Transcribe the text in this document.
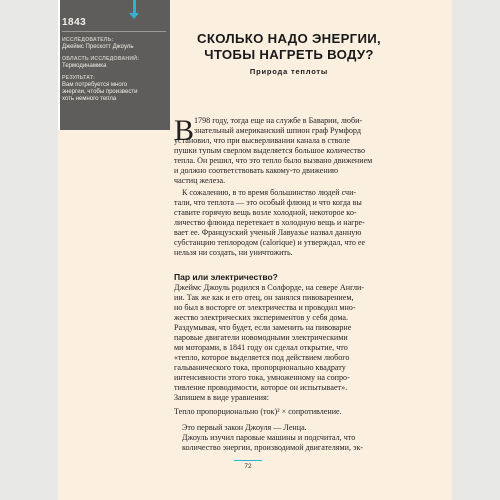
1843
ИССЛЕДОВАТЕЛЬ:
Джеймс Прескотт Джоуль
ОБЛАСТЬ ИССЛЕДОВАНИЙ:
Термодинамика
РЕЗУЛЬТАТ:
Вам потребуется много
энергии, чтобы произвести
хоть немного тепла
СКОЛЬКО НАДО ЭНЕРГИИ,
ЧТОБЫ НАГРЕТЬ ВОДУ?
Природа теплоты
В 1798 году, тогда еще на службе в Баварии, люби-
знательный американский шпион граф Румфорд
установил, что при высверливании канала в стволе
пушки тупым сверлом выделяется большое количество
тепла. Он решил, что это тепло было вызвано движением
и должно соответствовать какому-то движению
частиц железа.
К сожалению, в то время большинство людей счи-
тали, что теплота — это особый флюид и что когда вы
ставите горячую вещь возле холодной, некоторое ко-
личество флюида перетекает в холодную вещь и нагре-
вает ее. Французский ученый Лавуазье назвал данную
субстанцию теплородом (calorique) и утверждал, что ее
нельзя ни создать, ни уничтожить.
Джеймс Джоуль родился в Солфорде, на севере Англи-
ии. Так же как и его отец, он занялся пивоварением,
но был в восторге от электричества и проводил мно-
жество электрических экспериментов у себя дома.
Раздумывая, что будет, если заменить на пивоварне
паровые двигатели новомодными электрическими
ми моторами, в 1841 году он сделал открытие, что
«тепло, которое выделяется под действием любого
гальванического тока, пропорционально квадрату
интенсивности этого тока, умноженному на сопро-
тивление проводимости, которое он испытывает».
Запишем в виде уравнения:
Тепло пропорционально (ток)² × сопротивление.
Это первый закон Джоуля — Ленца.
Джоуль изучил паровые машины и подсчитал, что
количество энергии, производимой двигателями, эк-
Пар или электричество?
72
